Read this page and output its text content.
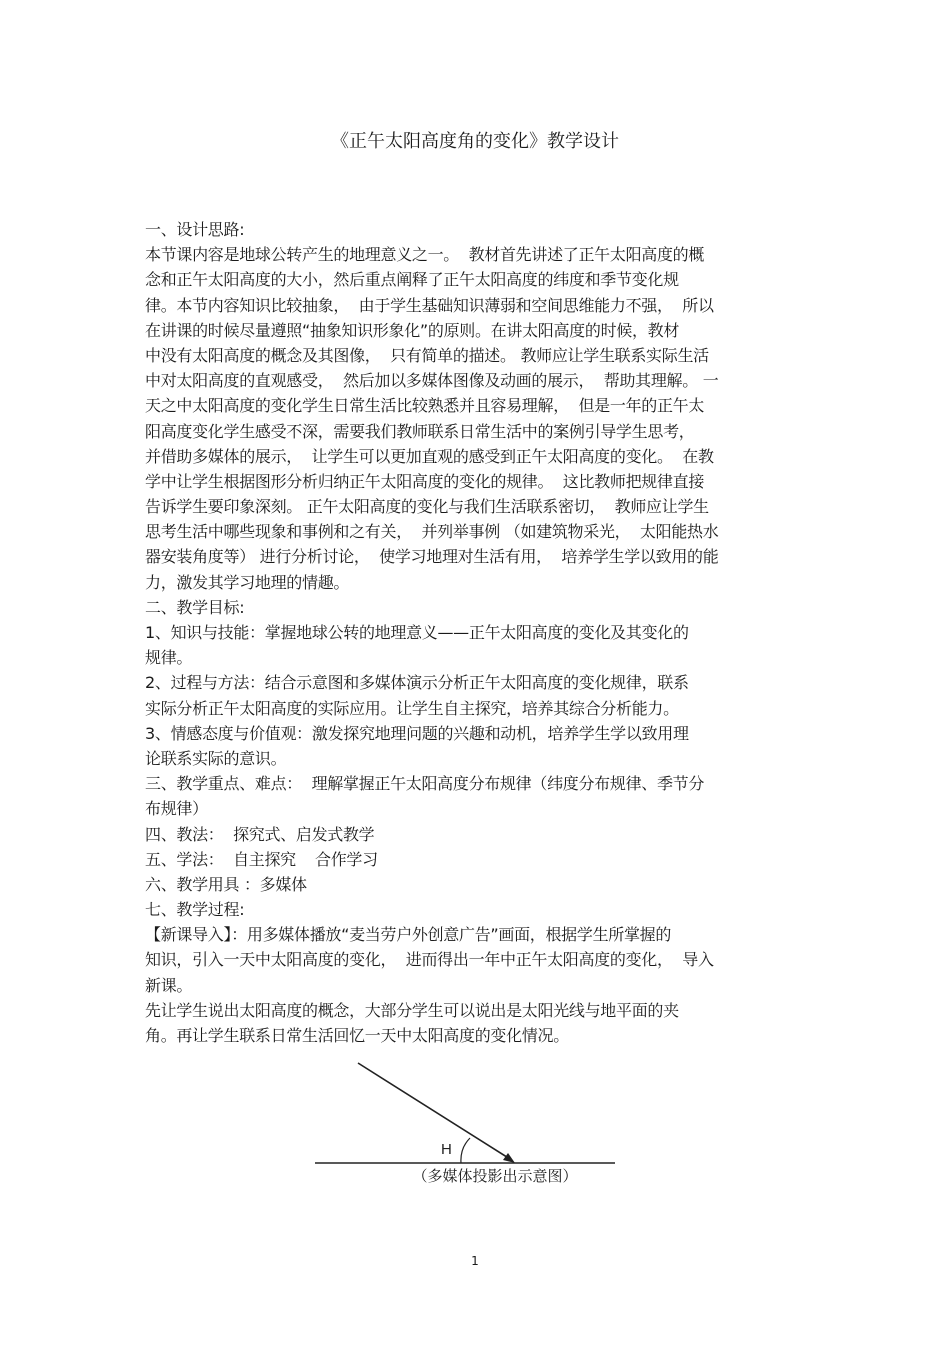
《正午太阳高度角的变化》教学设计
一、设计思路:
本节课内容是地球公转产生的地理意义之一。  教材首先讲述了正午太阳高度的概
念和正午太阳高度的大小，然后重点阐释了正午太阳高度的纬度和季节变化规
律。本节内容知识比较抽象，  由于学生基础知识薄弱和空间思维能力不强，  所以
在讲课的时候尽量遵照“抽象知识形象化”的原则。在讲太阳高度的时候，教材
中没有太阳高度的概念及其图像，  只有简单的描述。 教师应让学生联系实际生活
中对太阳高度的直观感受，  然后加以多媒体图像及动画的展示，  帮助其理解。 一
天之中太阳高度的变化学生日常生活比较熟悉并且容易理解，  但是一年的正午太
阳高度变化学生感受不深，需要我们教师联系日常生活中的案例引导学生思考，
并借助多媒体的展示，  让学生可以更加直观的感受到正午太阳高度的变化。  在教
学中让学生根据图形分析归纳正午太阳高度的变化的规律。  这比教师把规律直接
告诉学生要印象深刻。 正午太阳高度的变化与我们生活联系密切，  教师应让学生
思考生活中哪些现象和事例和之有关，  并列举事例 （如建筑物采光，  太阳能热水
器安装角度等） 进行分析讨论，  使学习地理对生活有用，  培养学生学以致用的能
力，激发其学习地理的情趣。
二、教学目标:
1、知识与技能：掌握地球公转的地理意义——正午太阳高度的变化及其变化的
规律。
2、过程与方法：结合示意图和多媒体演示分析正午太阳高度的变化规律，联系
实际分析正午太阳高度的实际应用。让学生自主探究，培养其综合分析能力。
3、情感态度与价值观：激发探究地理问题的兴趣和动机，培养学生学以致用理
论联系实际的意识。
三、教学重点、难点：  理解掌握正午太阳高度分布规律（纬度分布规律、季节分
布规律）
四、教法：  探究式、启发式教学
五、学法：  自主探究    合作学习
六、教学用具 ：多媒体
七、教学过程:
【新课导入】：用多媒体播放“麦当劳户外创意广告”画面，根据学生所掌握的
知识，引入一天中太阳高度的变化，  进而得出一年中正午太阳高度的变化，  导入
新课。
先让学生说出太阳高度的概念，大部分学生可以说出是太阳光线与地平面的夹
角。再让学生联系日常生活回忆一天中太阳高度的变化情况。
H
（多媒体投影出示意图）
1
